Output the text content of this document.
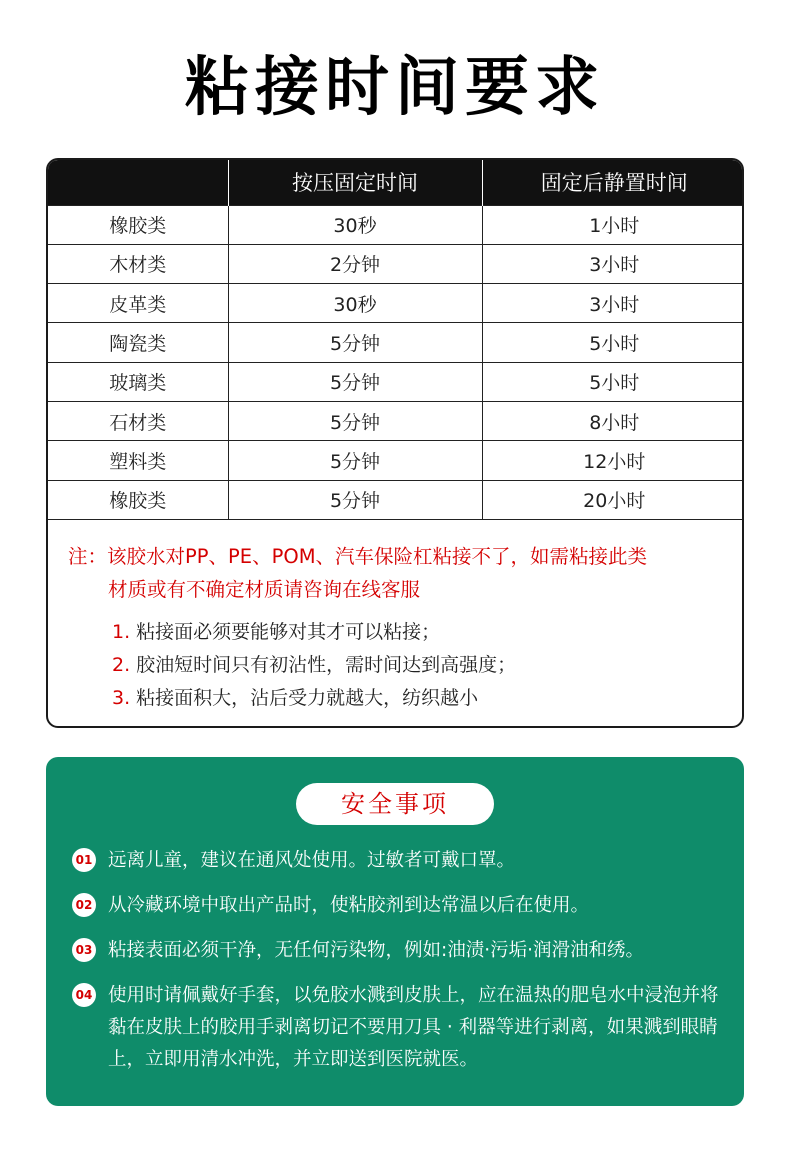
粘接时间要求
	按压固定时间	固定后静置时间
橡胶类	30秒	1小时
木材类	2分钟	3小时
皮革类	30秒	3小时
陶瓷类	5分钟	5小时
玻璃类	5分钟	5小时
石材类	5分钟	8小时
塑料类	5分钟	12小时
橡胶类	5分钟	20小时
注：该胶水对PP、PE、POM、汽车保险杠粘接不了，如需粘接此类
材质或有不确定材质请咨询在线客服
1. 粘接面必须要能够对其才可以粘接；
2. 胶油短时间只有初沾性，需时间达到高强度；
3. 粘接面积大，沾后受力就越大，纺织越小
安全事项
01 远离儿童，建议在通风处使用。过敏者可戴口罩。
02 从冷藏环境中取出产品时，使粘胶剂到达常温以后在使用。
03 粘接表面必须干净，无任何污染物，例如:油渍·污垢·润滑油和绣。
04 使用时请佩戴好手套，以免胶水溅到皮肤上，应在温热的肥皂水中浸泡并将黏在皮肤上的胶用手剥离切记不要用刀具 · 利器等进行剥离，如果溅到眼睛上，立即用清水冲洗，并立即送到医院就医。
